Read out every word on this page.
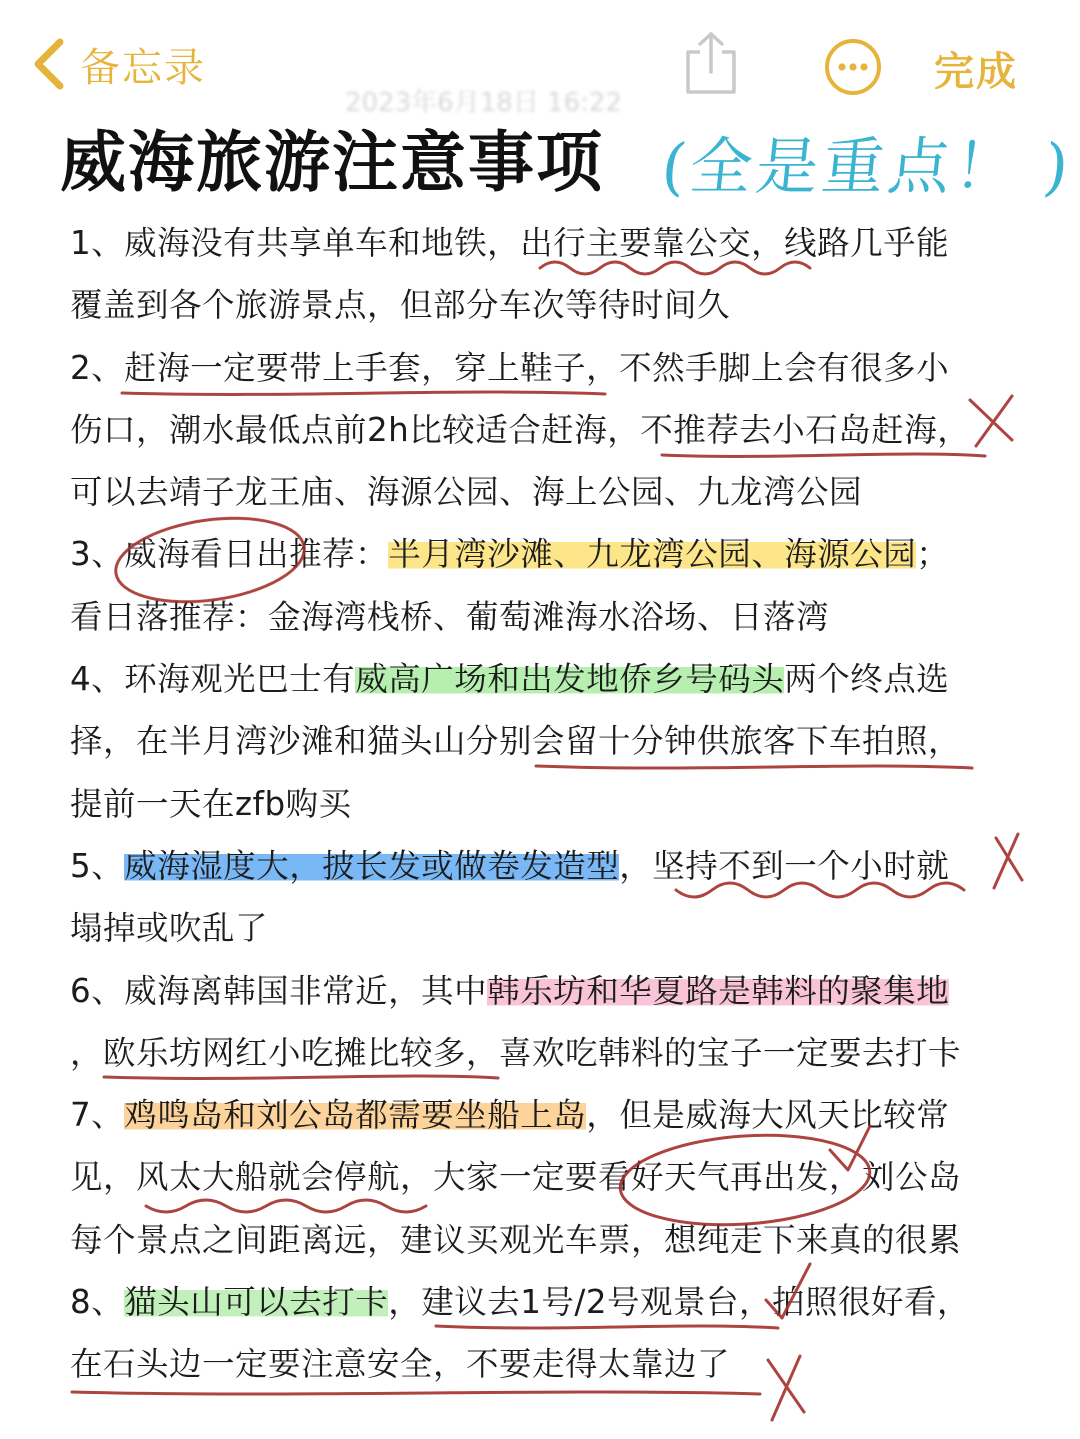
备忘录	完成
2023年6月18日 16:22
威海旅游注意事项 (全是重点！ )
1、威海没有共享单车和地铁，出行主要靠公交，线路几乎能
覆盖到各个旅游景点，但部分车次等待时间久
2、赶海一定要带上手套，穿上鞋子，不然手脚上会有很多小
伤口，潮水最低点前2h比较适合赶海，不推荐去小石岛赶海，
可以去靖子龙王庙、海源公园、海上公园、九龙湾公园
3、威海看日出推荐：半月湾沙滩、九龙湾公园、海源公园；
看日落推荐：金海湾栈桥、葡萄滩海水浴场、日落湾
4、环海观光巴士有威高广场和出发地侨乡号码头两个终点选
择，在半月湾沙滩和猫头山分别会留十分钟供旅客下车拍照，
提前一天在zfb购买
5、威海湿度大，披长发或做卷发造型，坚持不到一个小时就
塌掉或吹乱了
6、威海离韩国非常近，其中韩乐坊和华夏路是韩料的聚集地
，欧乐坊网红小吃摊比较多，喜欢吃韩料的宝子一定要去打卡
7、鸡鸣岛和刘公岛都需要坐船上岛，但是威海大风天比较常
见，风太大船就会停航，大家一定要看好天气再出发，刘公岛
每个景点之间距离远，建议买观光车票，想纯走下来真的很累
8、猫头山可以去打卡，建议去1号/2号观景台，拍照很好看，
在石头边一定要注意安全，不要走得太靠边了
